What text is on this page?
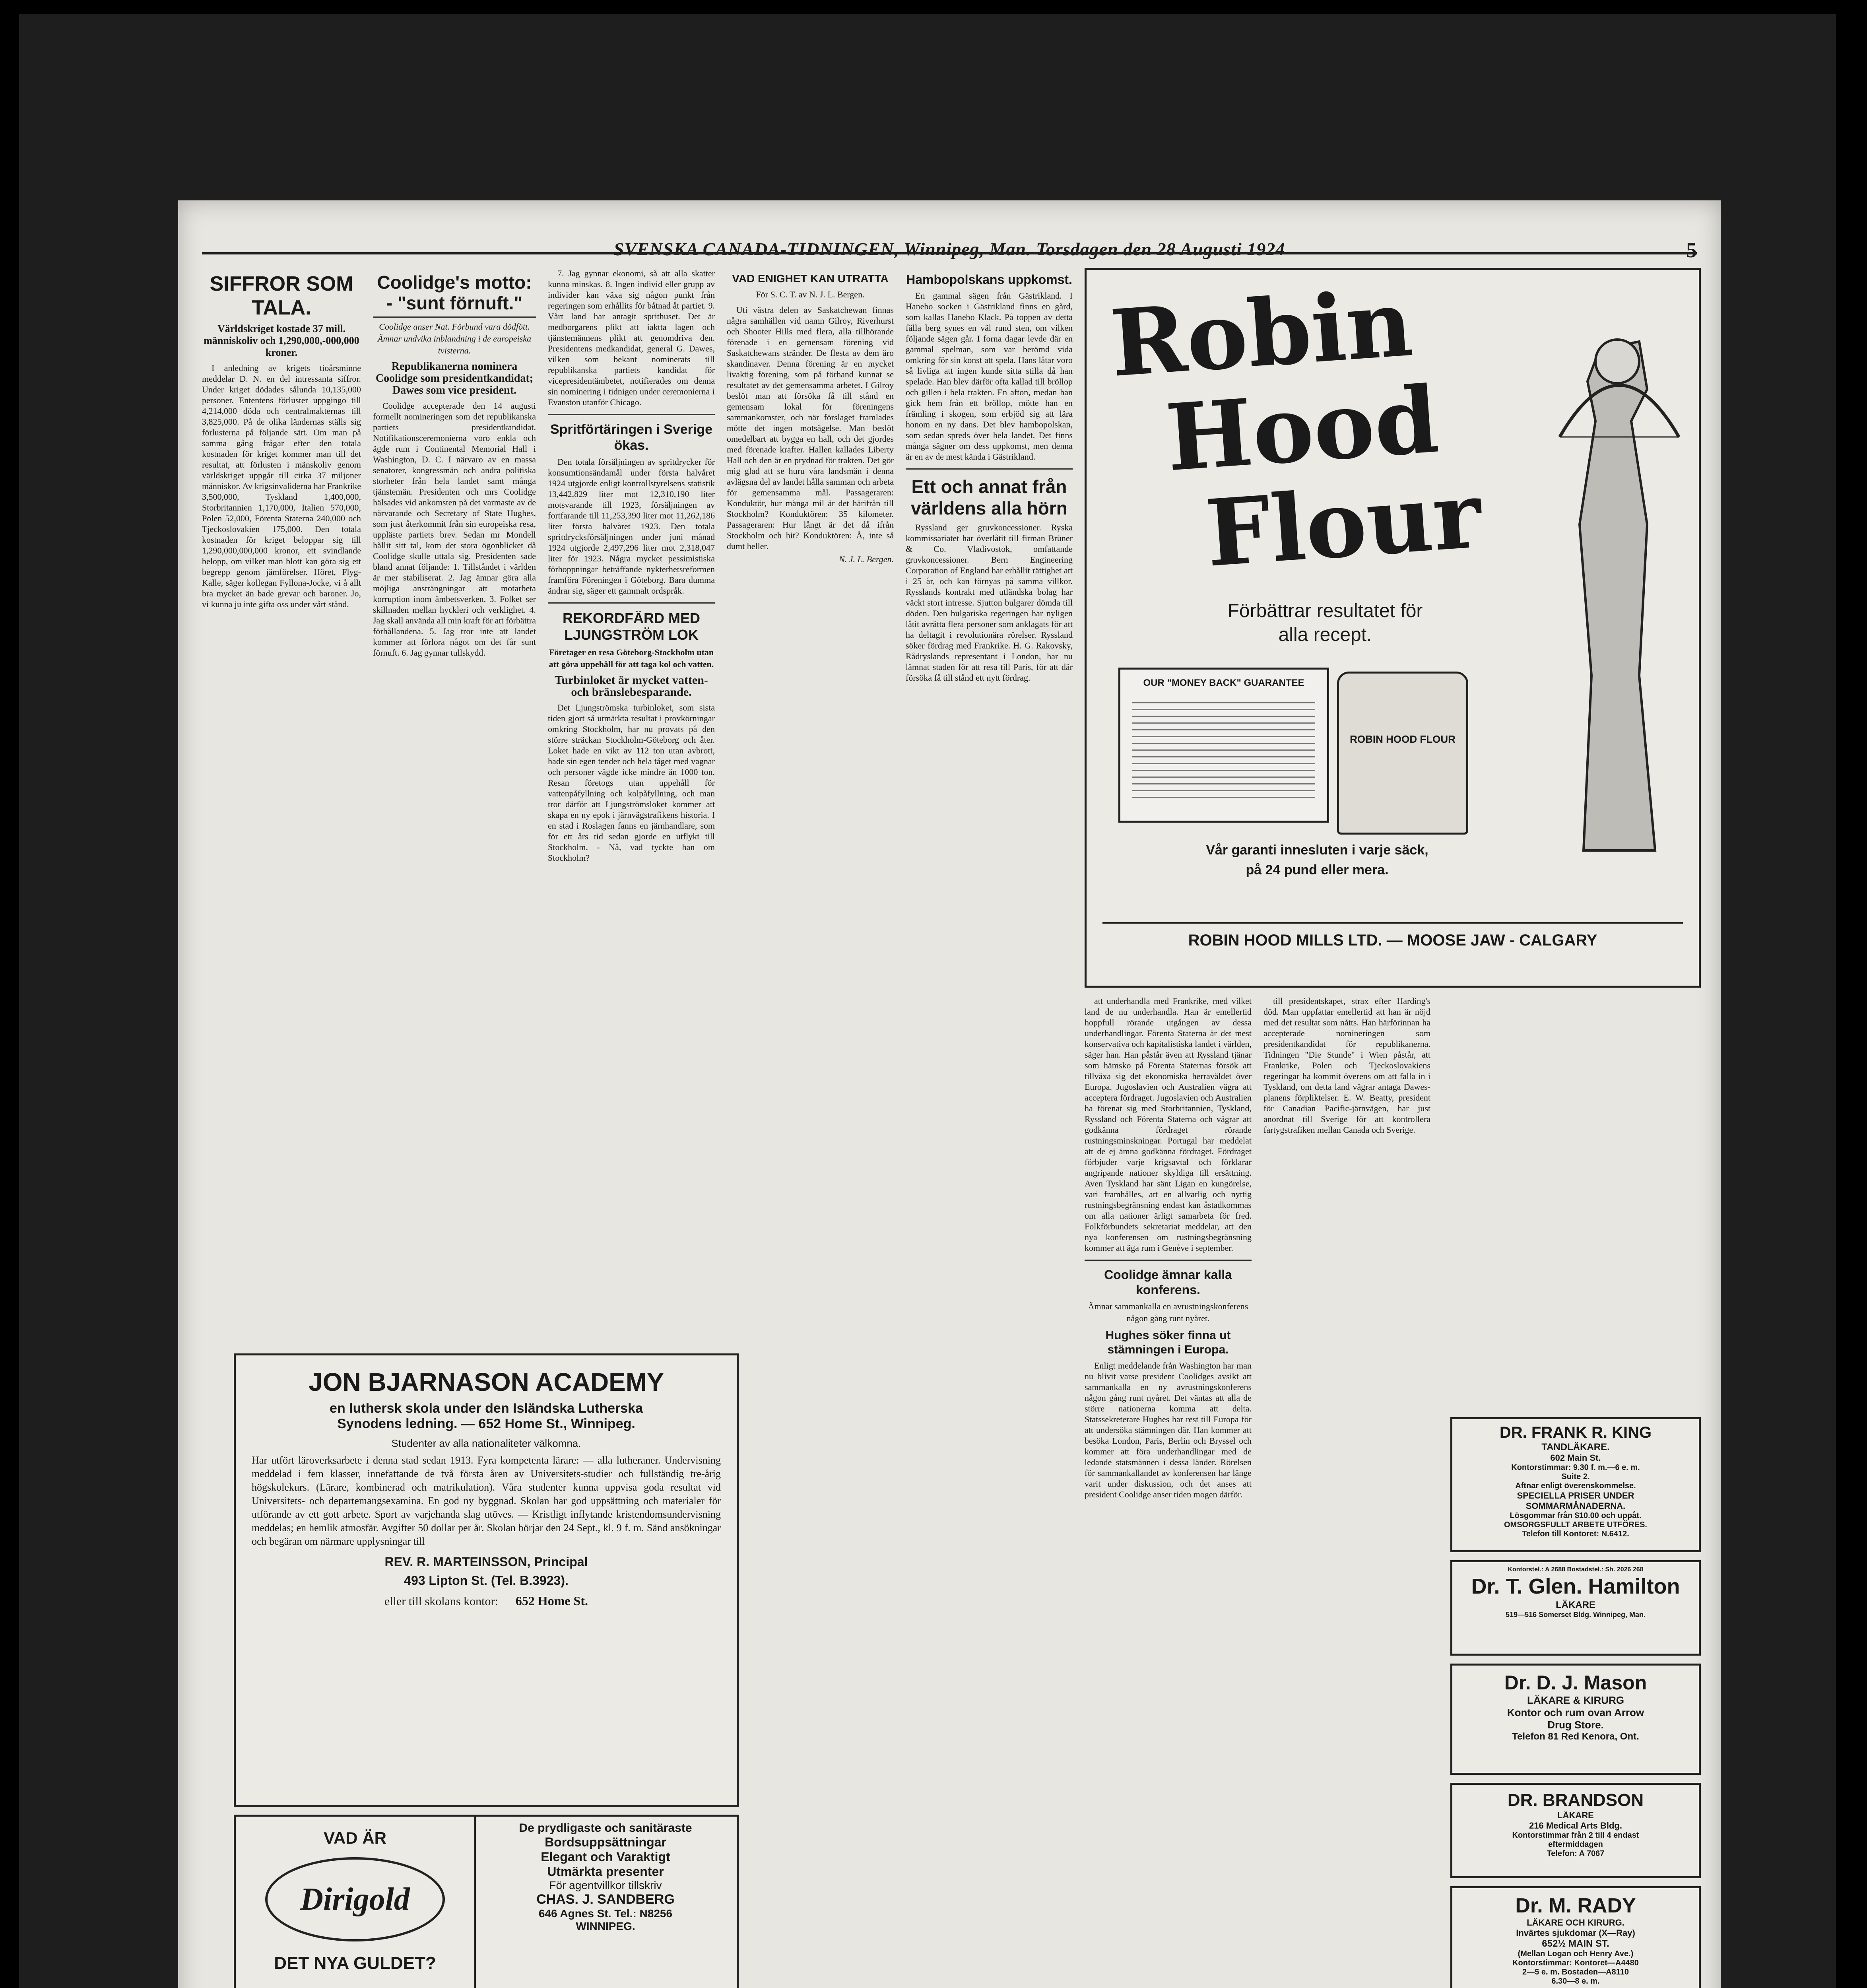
SVENSKA CANADA-TIDNINGEN, Winnipeg, Man. Torsdagen den 28 Augusti 1924	5
SIFFROR SOM TALA.
Världskriget kostade 37 mill. människoliv och 1,290,000,-000,000 kroner.

I anledning av krigets tioårsminne meddelar D. N. en del intressanta siffror. Under kriget dödades sålunda 10,135,000 personer. Ententens förluster uppgingo till 4,214,000 döda och centralmakternas till 3,825,000. På de olika ländernas ställs sig förlusterna på följande sätt. Om man på samma gång frågar efter den totala kostnaden för kriget kommer man till det resultat, att förlusten i mänskoliv genom världskriget uppgår till cirka 37 miljoner människor. Av krigsinvaliderna har Frankrike 3,500,000, Tyskland 1,400,000, Storbritannien 1,170,000, Italien 570,000, Polen 52,000, Förenta Staterna 240,000 och Tjeckoslovakien 175,000. Den totala kostnaden för kriget beloppar sig till 1,290,000,000,000 kronor, ett svindlande belopp, om vilket man blott kan göra sig ett begrepp genom jämförelser. Höret, Flyg-Kalle, säger kollegan Fyllona-Jocke, vi å allt bra mycket än bade grevar och baroner. Jo, vi kunna ju inte gifta oss under vårt stånd.

Coolidge's motto: - "sunt förnuft."
Coolidge anser Nat. Förbund vara dödfött. Ämnar undvika inblandning i de europeiska tvisterna.
Republikanerna nominera Coolidge som presidentkandidat; Dawes som vice president.

Coolidge accepterade den 14 augusti formellt nomineringen som det republikanska partiets presidentkandidat. Notifikationsceremonierna voro enkla och ägde rum i Continental Memorial Hall i Washington, D. C. I närvaro av en massa senatorer, kongressmän och andra politiska storheter från hela landet samt många tjänstemän. Presidenten och mrs Coolidge hälsades vid ankomsten på det varmaste av de närvarande och Secretary of State Hughes, som just återkommit från sin europeiska resa, uppläste partiets brev. Sedan mr Mondell hållit sitt tal, kom det stora ögonblicket då Coolidge skulle uttala sig. Presidenten sade bland annat följande: 1. Tillståndet i världen är mer stabiliserat. 2. Jag ämnar göra alla möjliga ansträngningar att motarbeta korruption inom ämbetsverken. 3. Folket ser skillnaden mellan hyckleri och verklighet. 4. Jag skall använda all min kraft för att förbättra förhållandena. 5. Jag tror inte att landet kommer att förlora något om det får sunt förnuft. 6. Jag gynnar tullskydd.

7. Jag gynnar ekonomi, så att alla skatter kunna minskas. 8. Ingen individ eller grupp av individer kan växa sig någon punkt från regeringen som erhållits för båtnad åt partiet. 9. Vårt land har antagit sprithuset. Det är medborgarens plikt att iaktta lagen och tjänstemännens plikt att genomdriva den. Presidentens medkandidat, general G. Dawes, vilken som bekant nominerats till republikanska partiets kandidat för vicepresidentämbetet, notifierades om denna sin nominering i tidnigen under ceremonierna i Evanston utanför Chicago.

Spritförtäringen i Sverige ökas.

Den totala försäljningen av spritdrycker för konsumtionsändamål under första halvåret 1924 utgjorde enligt kontrollstyrelsens statistik 13,442,829 liter mot 12,310,190 liter motsvarande till 1923, försäljningen av fortfarande till 11,253,390 liter mot 11,262,186 liter första halvåret 1923. Den totala spritdrycksförsäljningen under juni månad 1924 utgjorde 2,497,296 liter mot 2,318,047 liter för 1923. Några mycket pessimistiska förhoppningar beträffande nykterhetsreformen framföra Föreningen i Göteborg. Bara dumma ändrar sig, säger ett gammalt ordspråk.

REKORDFÄRD MED LJUNGSTRÖM LOK
Företager en resa Göteborg-Stockholm utan att göra uppehåll för att taga kol och vatten.
Turbinloket är mycket vatten- och bränslebesparande.

Det Ljungströmska turbinloket, som sista tiden gjort så utmärkta resultat i provkörningar omkring Stockholm, har nu provats på den större sträckan Stockholm-Göteborg och åter. Loket hade en vikt av 112 ton utan avbrott, hade sin egen tender och hela tåget med vagnar och personer vägde icke mindre än 1000 ton. Resan företogs utan uppehåll för vattenpåfyllning och kolpåfyllning, och man tror därför att Ljungströmsloket kommer att skapa en ny epok i järnvägstrafikens historia. I en stad i Roslagen fanns en järnhandlare, som för ett års tid sedan gjorde en utflykt till Stockholm. - Nå, vad tyckte han om Stockholm?

VAD ENIGHET KAN UTRATTA
För S. C. T. av N. J. L. Bergen.

Uti västra delen av Saskatchewan finnas några samhällen vid namn Gilroy, Riverhurst och Shooter Hills med flera, alla tillhörande förenade i en gemensam förening vid Saskatchewans stränder. De flesta av dem äro skandinaver. Denna förening är en mycket livaktig förening, som på förhand kunnat se resultatet av det gemensamma arbetet. I Gilroy beslöt man att försöka få till stånd en gemensam lokal för föreningens sammankomster, och när förslaget framlades mötte det ingen motsägelse. Man beslöt omedelbart att bygga en hall, och det gjordes med förenade krafter. Hallen kallades Liberty Hall och den är en prydnad för trakten. Det gör mig glad att se huru våra landsmän i denna avlägsna del av landet hålla samman och arbeta för gemensamma mål. Passageraren: Konduktör, hur många mil är det härifrån till Stockholm? Konduktören: 35 kilometer. Passageraren: Hur långt är det då ifrån Stockholm och hit? Konduktören: Å, inte så dumt heller.

N. J. L. Bergen.

Hambopolskans uppkomst.

En gammal sägen från Gästrikland. I Hanebo socken i Gästrikland finns en gård, som kallas Hanebo Klack. På toppen av detta fälla berg synes en väl rund sten, om vilken följande sägen går. I forna dagar levde där en gammal spelman, som var berömd vida omkring för sin konst att spela. Hans låtar voro så livliga att ingen kunde sitta stilla då han spelade. Han blev därför ofta kallad till bröllop och gillen i hela trakten. En afton, medan han gick hem från ett bröllop, mötte han en främling i skogen, som erbjöd sig att lära honom en ny dans. Det blev hambopolskan, som sedan spreds över hela landet. Det finns många sägner om dess uppkomst, men denna är en av de mest kända i Gästrikland.

Ett och annat från världens alla hörn

Ryssland ger gruvkoncessioner. Ryska kommissariatet har överlåtit till firman Brüner & Co. Vladivostok, omfattande gruvkoncessioner. Bern Engineering Corporation of England har erhållit rättighet att i 25 år, och kan förnyas på samma villkor. Rysslands kontrakt med utländska bolag har väckt stort intresse. Sjutton bulgarer dömda till döden. Den bulgariska regeringen har nyligen låtit avrätta flera personer som anklagats för att ha deltagit i revolutionära rörelser. Ryssland söker fördrag med Frankrike. H. G. Rakovsky, Rådryslands representant i London, har nu lämnat staden för att resa till Paris, för att där försöka få till stånd ett nytt fördrag.

Robin
Hood
Flour
Förbättrar resultatet för
alla recept.
OUR "MONEY BACK" GUARANTEE
ROBIN HOOD FLOUR
Vår garanti innesluten i varje säck,
på 24 pund eller mera.
ROBIN HOOD MILLS LTD. — MOOSE JAW - CALGARY

att underhandla med Frankrike, med vilket land de nu underhandla. Han är emellertid hoppfull rörande utgången av dessa underhandlingar. Förenta Staterna är det mest konservativa och kapitalistiska landet i världen, säger han. Han påstår även att Ryssland tjänar som hämsko på Förenta Staternas försök att tillväxa sig det ekonomiska herraväldet över Europa. Jugoslavien och Australien vägra att acceptera fördraget. Jugoslavien och Australien ha förenat sig med Storbritannien, Tyskland, Ryssland och Förenta Staterna och vägrar att godkänna fördraget rörande rustningsminskningar. Portugal har meddelat att de ej ämna godkänna fördraget. Fördraget förbjuder varje krigsavtal och förklarar angripande nationer skyldiga till ersättning. Aven Tyskland har sänt Ligan en kungörelse, vari framhålles, att en allvarlig och nyttig rustningsbegränsning endast kan åstadkommas om alla nationer ärligt samarbeta för fred. Folkförbundets sekretariat meddelar, att den nya konferensen om rustningsbegränsning kommer att äga rum i Genève i september.

Coolidge ämnar kalla konferens.
Ämnar sammankalla en avrustningskonferens någon gång runt nyåret.
Hughes söker finna ut stämningen i Europa.

Enligt meddelande från Washington har man nu blivit varse president Coolidges avsikt att sammankalla en ny avrustningskonferens någon gång runt nyåret. Det väntas att alla de större nationerna komma att delta. Statssekreterare Hughes har rest till Europa för att undersöka stämningen där. Han kommer att besöka London, Paris, Berlin och Bryssel och kommer att föra underhandlingar med de ledande statsmännen i dessa länder. Rörelsen för sammankallandet av konferensen har länge varit under diskussion, och det anses att president Coolidge anser tiden mogen därför.

till presidentskapet, strax efter Harding's död. Man uppfattar emellertid att han är nöjd med det resultat som nåtts. Han härförinnan ha accepterade nomineringen som presidentkandidat för republikanerna. Tidningen "Die Stunde" i Wien påstår, att Frankrike, Polen och Tjeckoslovakiens regeringar ha kommit överens om att falla in i Tyskland, om detta land vägrar antaga Dawes-planens förpliktelser. E. W. Beatty, president för Canadian Pacific-järnvägen, har just anordnat till Sverige för att kontrollera fartygstrafiken mellan Canada och Sverige.

DR. FRANK R. KING
TANDLÄKARE.
602 Main St.
Kontorstimmar: 9.30 f. m.—6 e. m.
Suite 2.
Aftnar enligt överenskommelse.
SPECIELLA PRISER UNDER
SOMMARMÅNADERNA.
Lösgommar från $10.00 och uppåt.
OMSORGSFULLT ARBETE UTFÖRES.
Telefon till Kontoret: N.6412.
Kontorstel.: A 2688 Bostadstel.: Sh. 2026 268
Dr. T. Glen. Hamilton
LÄKARE
519—516 Somerset Bldg. Winnipeg, Man.
Dr. D. J. Mason
LÄKARE & KIRURG
Kontor och rum ovan Arrow
Drug Store.
Telefon 81 Red Kenora, Ont.
DR. BRANDSON
LÄKARE
216 Medical Arts Bldg.
Kontorstimmar från 2 till 4 endast
eftermiddagen
Telefon: A 7067
Dr. M. RADY
LÄKARE OCH KIRURG.
Invärtes sjukdomar (X—Ray)
652½ MAIN ST.
(Mellan Logan och Henry Ave.)
Kontorstimmar: Kontoret—A4480
2—5 e. m. Bostaden—A8110
6.30—8 e. m.
JON BJARNASON ACADEMY
en luthersk skola under den Isländska Lutherska
Synodens ledning. — 652 Home St., Winnipeg.
Studenter av alla nationaliteter välkomna.
Har utfört läroverksarbete i denna stad sedan 1913. Fyra kompetenta lärare: — alla lutheraner. Undervisning meddelad i fem klasser, innefattande de två första åren av Universitets-studier och fullständig tre-årig högskolekurs. (Lärare, kombinerad och matrikulation). Våra studenter kunna uppvisa goda resultat vid Universitets- och departemangsexamina. En god ny byggnad. Skolan har god uppsättning och materialer för utförande av ett gott arbete. Sport av varjehanda slag utöves. — Kristligt inflytande kristendomsundervisning meddelas; en hemlik atmosfär. Avgifter 50 dollar per år. Skolan börjar den 24 Sept., kl. 9 f. m. Sänd ansökningar och begäran om närmare upplysningar till
REV. R. MARTEINSSON, Principal
493 Lipton St. (Tel. B.3923).
eller till skolans kontor: 652 Home St.
VAD ÄR
Dirigold
DET NYA GULDET?
De prydligaste och sanitäraste
Bordsuppsättningar
Elegant och Varaktigt
Utmärkta presenter
För agentvillkor tillskriv
CHAS. J. SANDBERG
646 Agnes St. Tel.: N8256
WINNIPEG.
